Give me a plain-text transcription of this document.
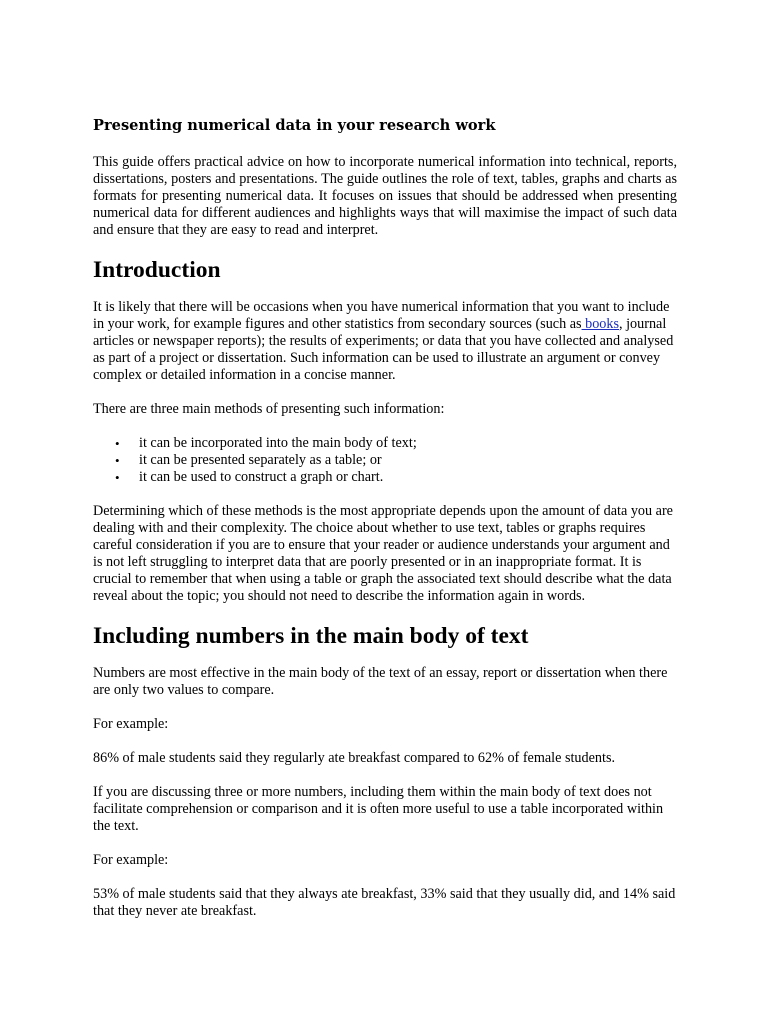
Presenting numerical data in your research work

This guide offers practical advice on how to incorporate numerical information into technical, reports, dissertations, posters and presentations. The guide outlines the role of text, tables, graphs and charts as formats for presenting numerical data. It focuses on issues that should be addressed when presenting numerical data for different audiences and highlights ways that will maximise the impact of such data and ensure that they are easy to read and interpret.

Introduction

It is likely that there will be occasions when you have numerical information that you want to include in your work, for example figures and other statistics from secondary sources (such as books, journal articles or newspaper reports); the results of experiments; or data that you have collected and analysed as part of a project or dissertation. Such information can be used to illustrate an argument or convey complex or detailed information in a concise manner.

There are three main methods of presenting such information:

• it can be incorporated into the main body of text;
• it can be presented separately as a table; or
• it can be used to construct a graph or chart.

Determining which of these methods is the most appropriate depends upon the amount of data you are dealing with and their complexity. The choice about whether to use text, tables or graphs requires careful consideration if you are to ensure that your reader or audience understands your argument and is not left struggling to interpret data that are poorly presented or in an inappropriate format. It is crucial to remember that when using a table or graph the associated text should describe what the data reveal about the topic; you should not need to describe the information again in words.

Including numbers in the main body of text

Numbers are most effective in the main body of the text of an essay, report or dissertation when there are only two values to compare.

For example:

86% of male students said they regularly ate breakfast compared to 62% of female students.

If you are discussing three or more numbers, including them within the main body of text does not facilitate comprehension or comparison and it is often more useful to use a table incorporated within the text.

For example:

53% of male students said that they always ate breakfast, 33% said that they usually did, and 14% said that they never ate breakfast.
